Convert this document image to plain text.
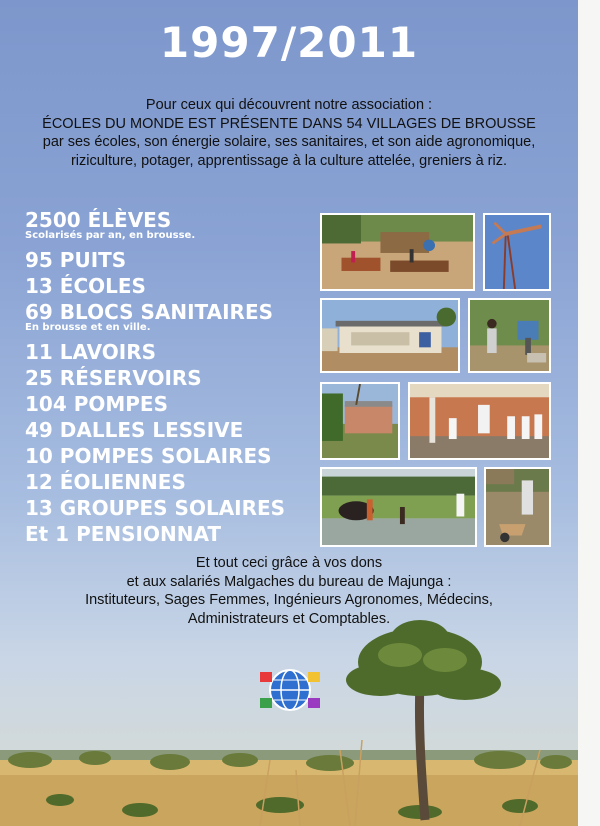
1997/2011
Pour ceux qui découvrent notre association :
ÉCOLES DU MONDE EST PRÉSENTE DANS 54 VILLAGES DE BROUSSE
par ses écoles, son énergie solaire, ses sanitaires, et son aide agronomique,
riziculture, potager, apprentissage à la culture attelée, greniers à riz.
2500 ÉLÈVES
Scolarisés par an, en brousse.
95 PUITS
13 ÉCOLES
69 BLOCS SANITAIRES
En brousse et en ville.
11 LAVOIRS
25 RÉSERVOIRS
104 POMPES
49 DALLES LESSIVE
10 POMPES SOLAIRES
12 ÉOLIENNES
13 GROUPES SOLAIRES
Et 1 PENSIONNAT
Et tout ceci grâce à vos dons
et aux salariés Malgaches du bureau de Majunga :
Instituteurs, Sages Femmes, Ingénieurs Agronomes, Médecins,
Administrateurs et Comptables.
